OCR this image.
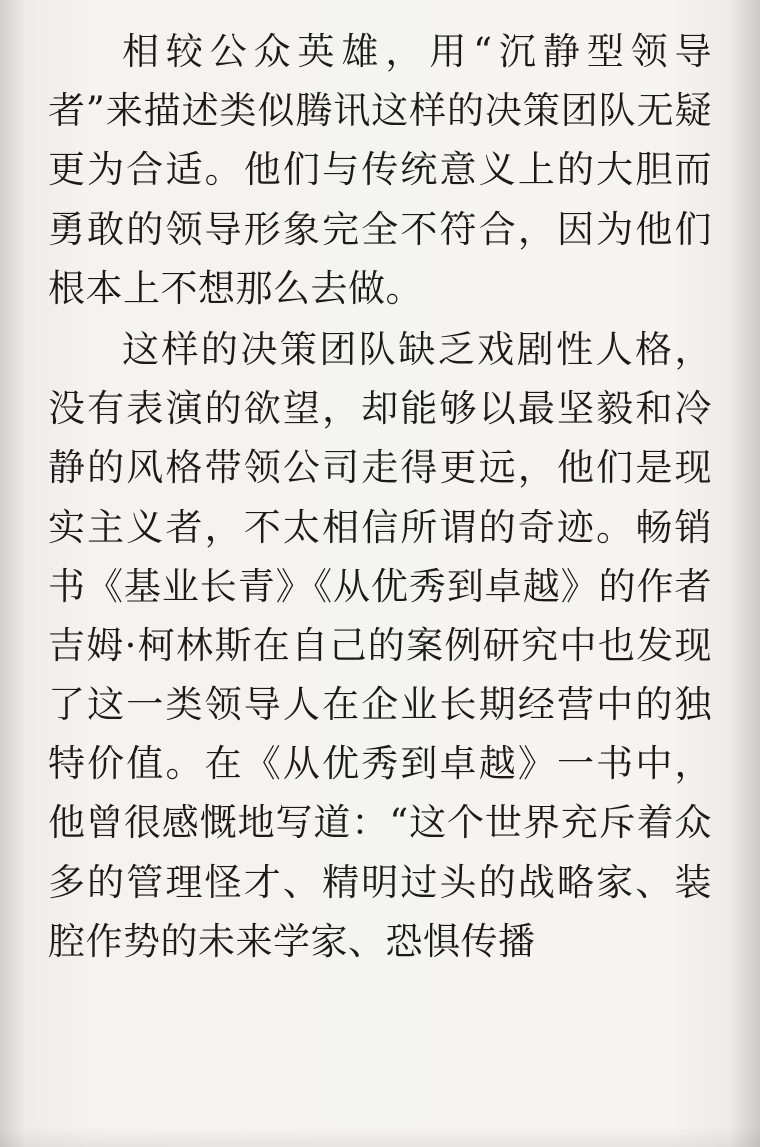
相较公众英雄，用“沉静型领导者”来描述类似腾讯这样的决策团队无疑更为合适。他们与传统意义上的大胆而勇敢的领导形象完全不符合，因为他们根本上不想那么去做。

这样的决策团队缺乏戏剧性人格，没有表演的欲望，却能够以最坚毅和冷静的风格带领公司走得更远，他们是现实主义者，不太相信所谓的奇迹。畅销书《基业长青》《从优秀到卓越》的作者吉姆·柯林斯在自己的案例研究中也发现了这一类领导人在企业长期经营中的独特价值。在《从优秀到卓越》一书中，他曾很感慨地写道：“这个世界充斥着众多的管理怪才、精明过头的战略家、装腔作势的未来学家、恐惧传播
